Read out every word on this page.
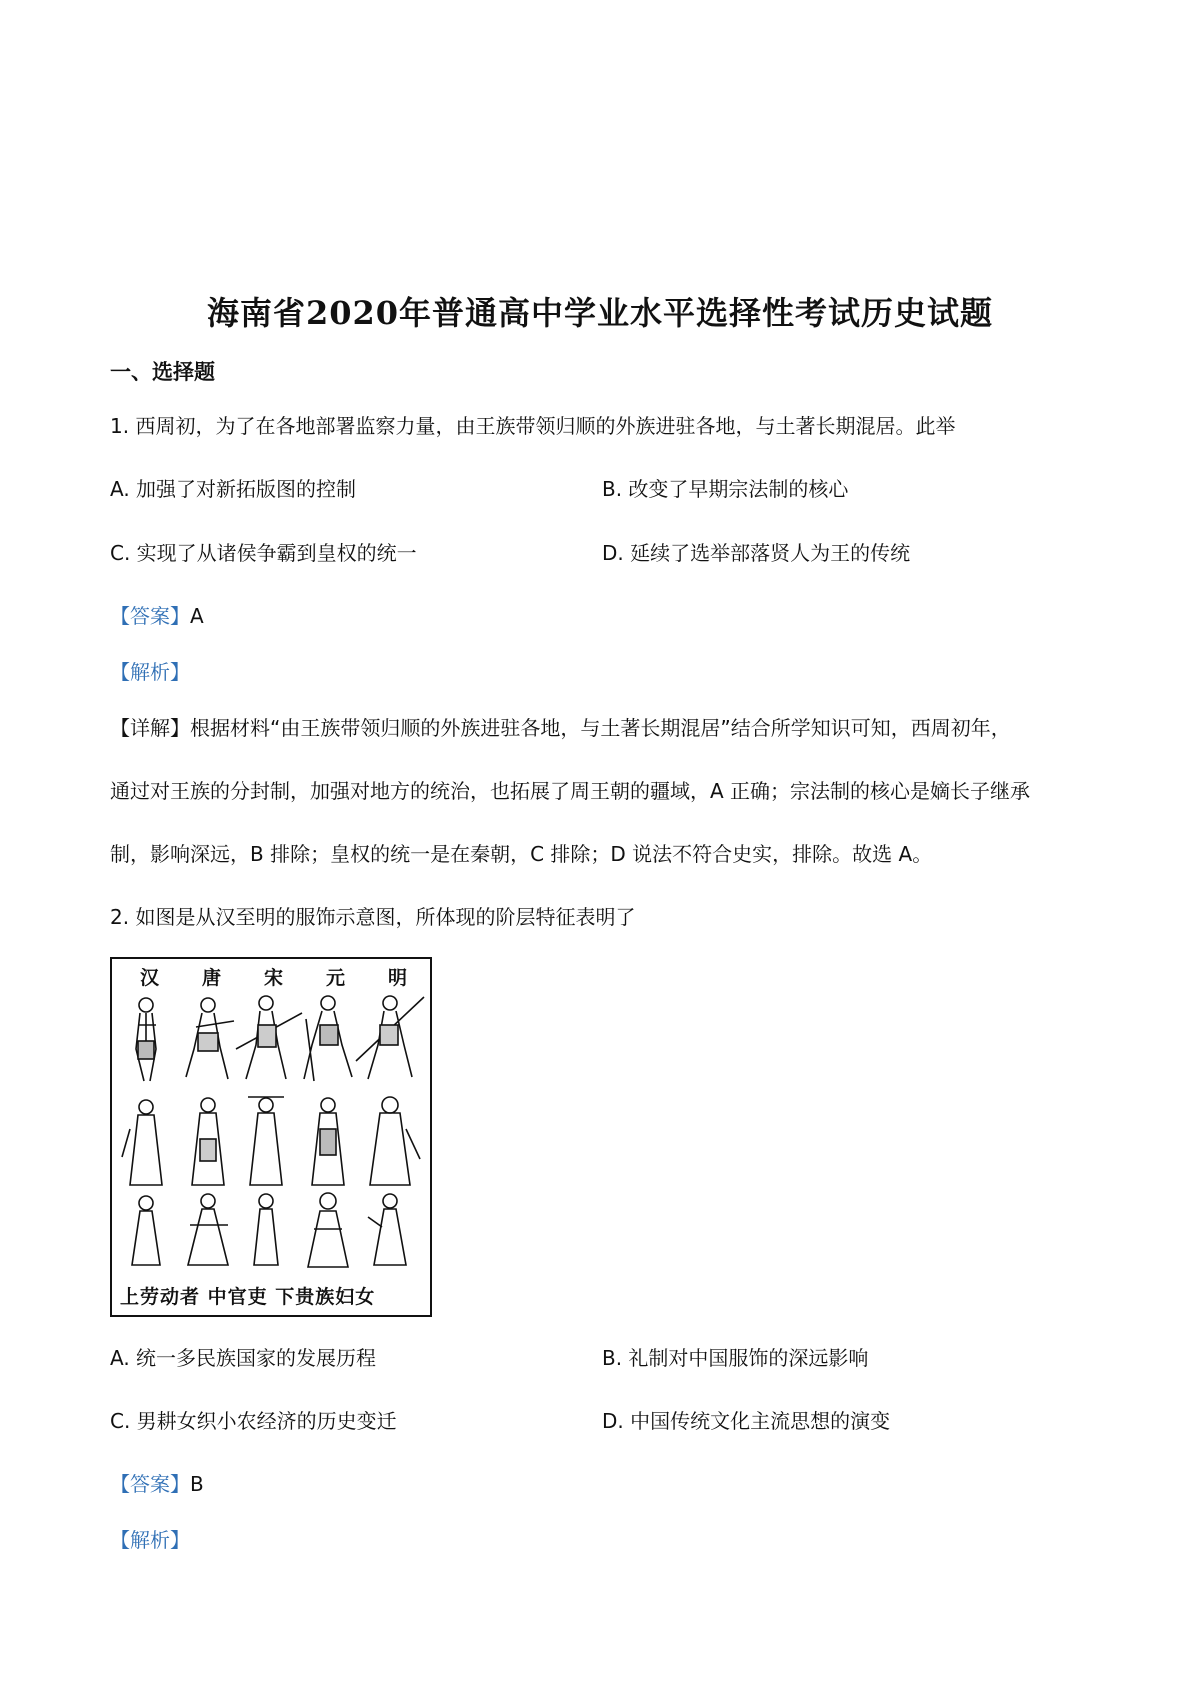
海南省2020年普通高中学业水平选择性考试历史试题
一、选择题
1. 西周初，为了在各地部署监察力量，由王族带领归顺的外族进驻各地，与土著长期混居。此举
A. 加强了对新拓版图的控制	B. 改变了早期宗法制的核心
C. 实现了从诸侯争霸到皇权的统一	D. 延续了选举部落贤人为王的传统
【答案】A
【解析】
【详解】根据材料“由王族带领归顺的外族进驻各地，与土著长期混居”结合所学知识可知，西周初年，
通过对王族的分封制，加强对地方的统治，也拓展了周王朝的疆域，A 正确；宗法制的核心是嫡长子继承
制，影响深远，B 排除；皇权的统一是在秦朝，C 排除；D 说法不符合史实，排除。故选 A。
2. 如图是从汉至明的服饰示意图，所体现的阶层特征表明了
汉 唐 宋 元 明
上劳动者 中官吏 下贵族妇女
A. 统一多民族国家的发展历程	B. 礼制对中国服饰的深远影响
C. 男耕女织小农经济的历史变迁	D. 中国传统文化主流思想的演变
【答案】B
【解析】
